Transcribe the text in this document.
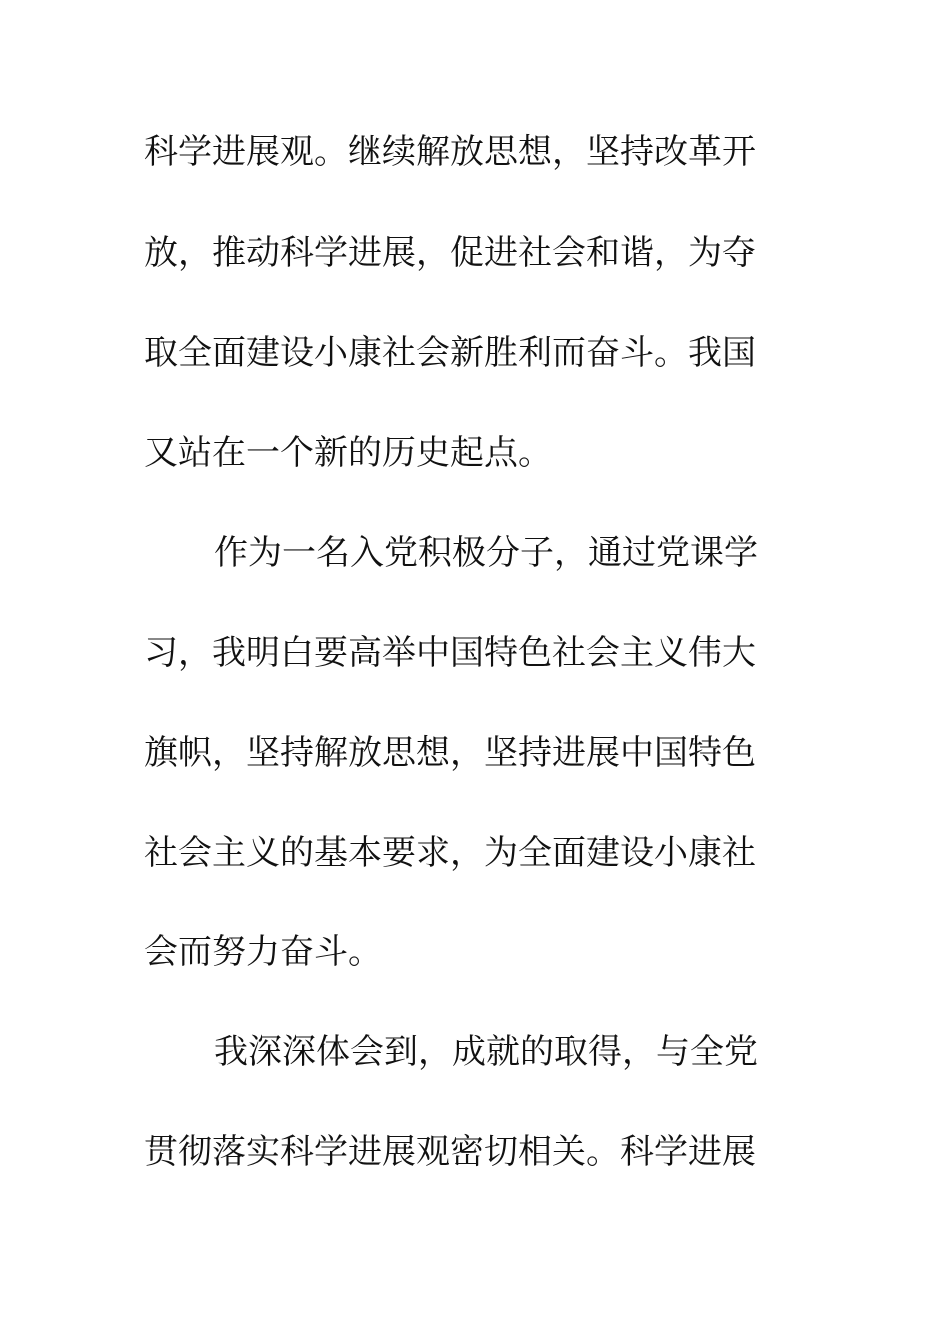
科学进展观。继续解放思想，坚持改革开
放，推动科学进展，促进社会和谐，为夺
取全面建设小康社会新胜利而奋斗。我国
又站在一个新的历史起点。
作为一名入党积极分子，通过党课学
习，我明白要高举中国特色社会主义伟大
旗帜，坚持解放思想，坚持进展中国特色
社会主义的基本要求，为全面建设小康社
会而努力奋斗。
我深深体会到，成就的取得，与全党
贯彻落实科学进展观密切相关。科学进展
